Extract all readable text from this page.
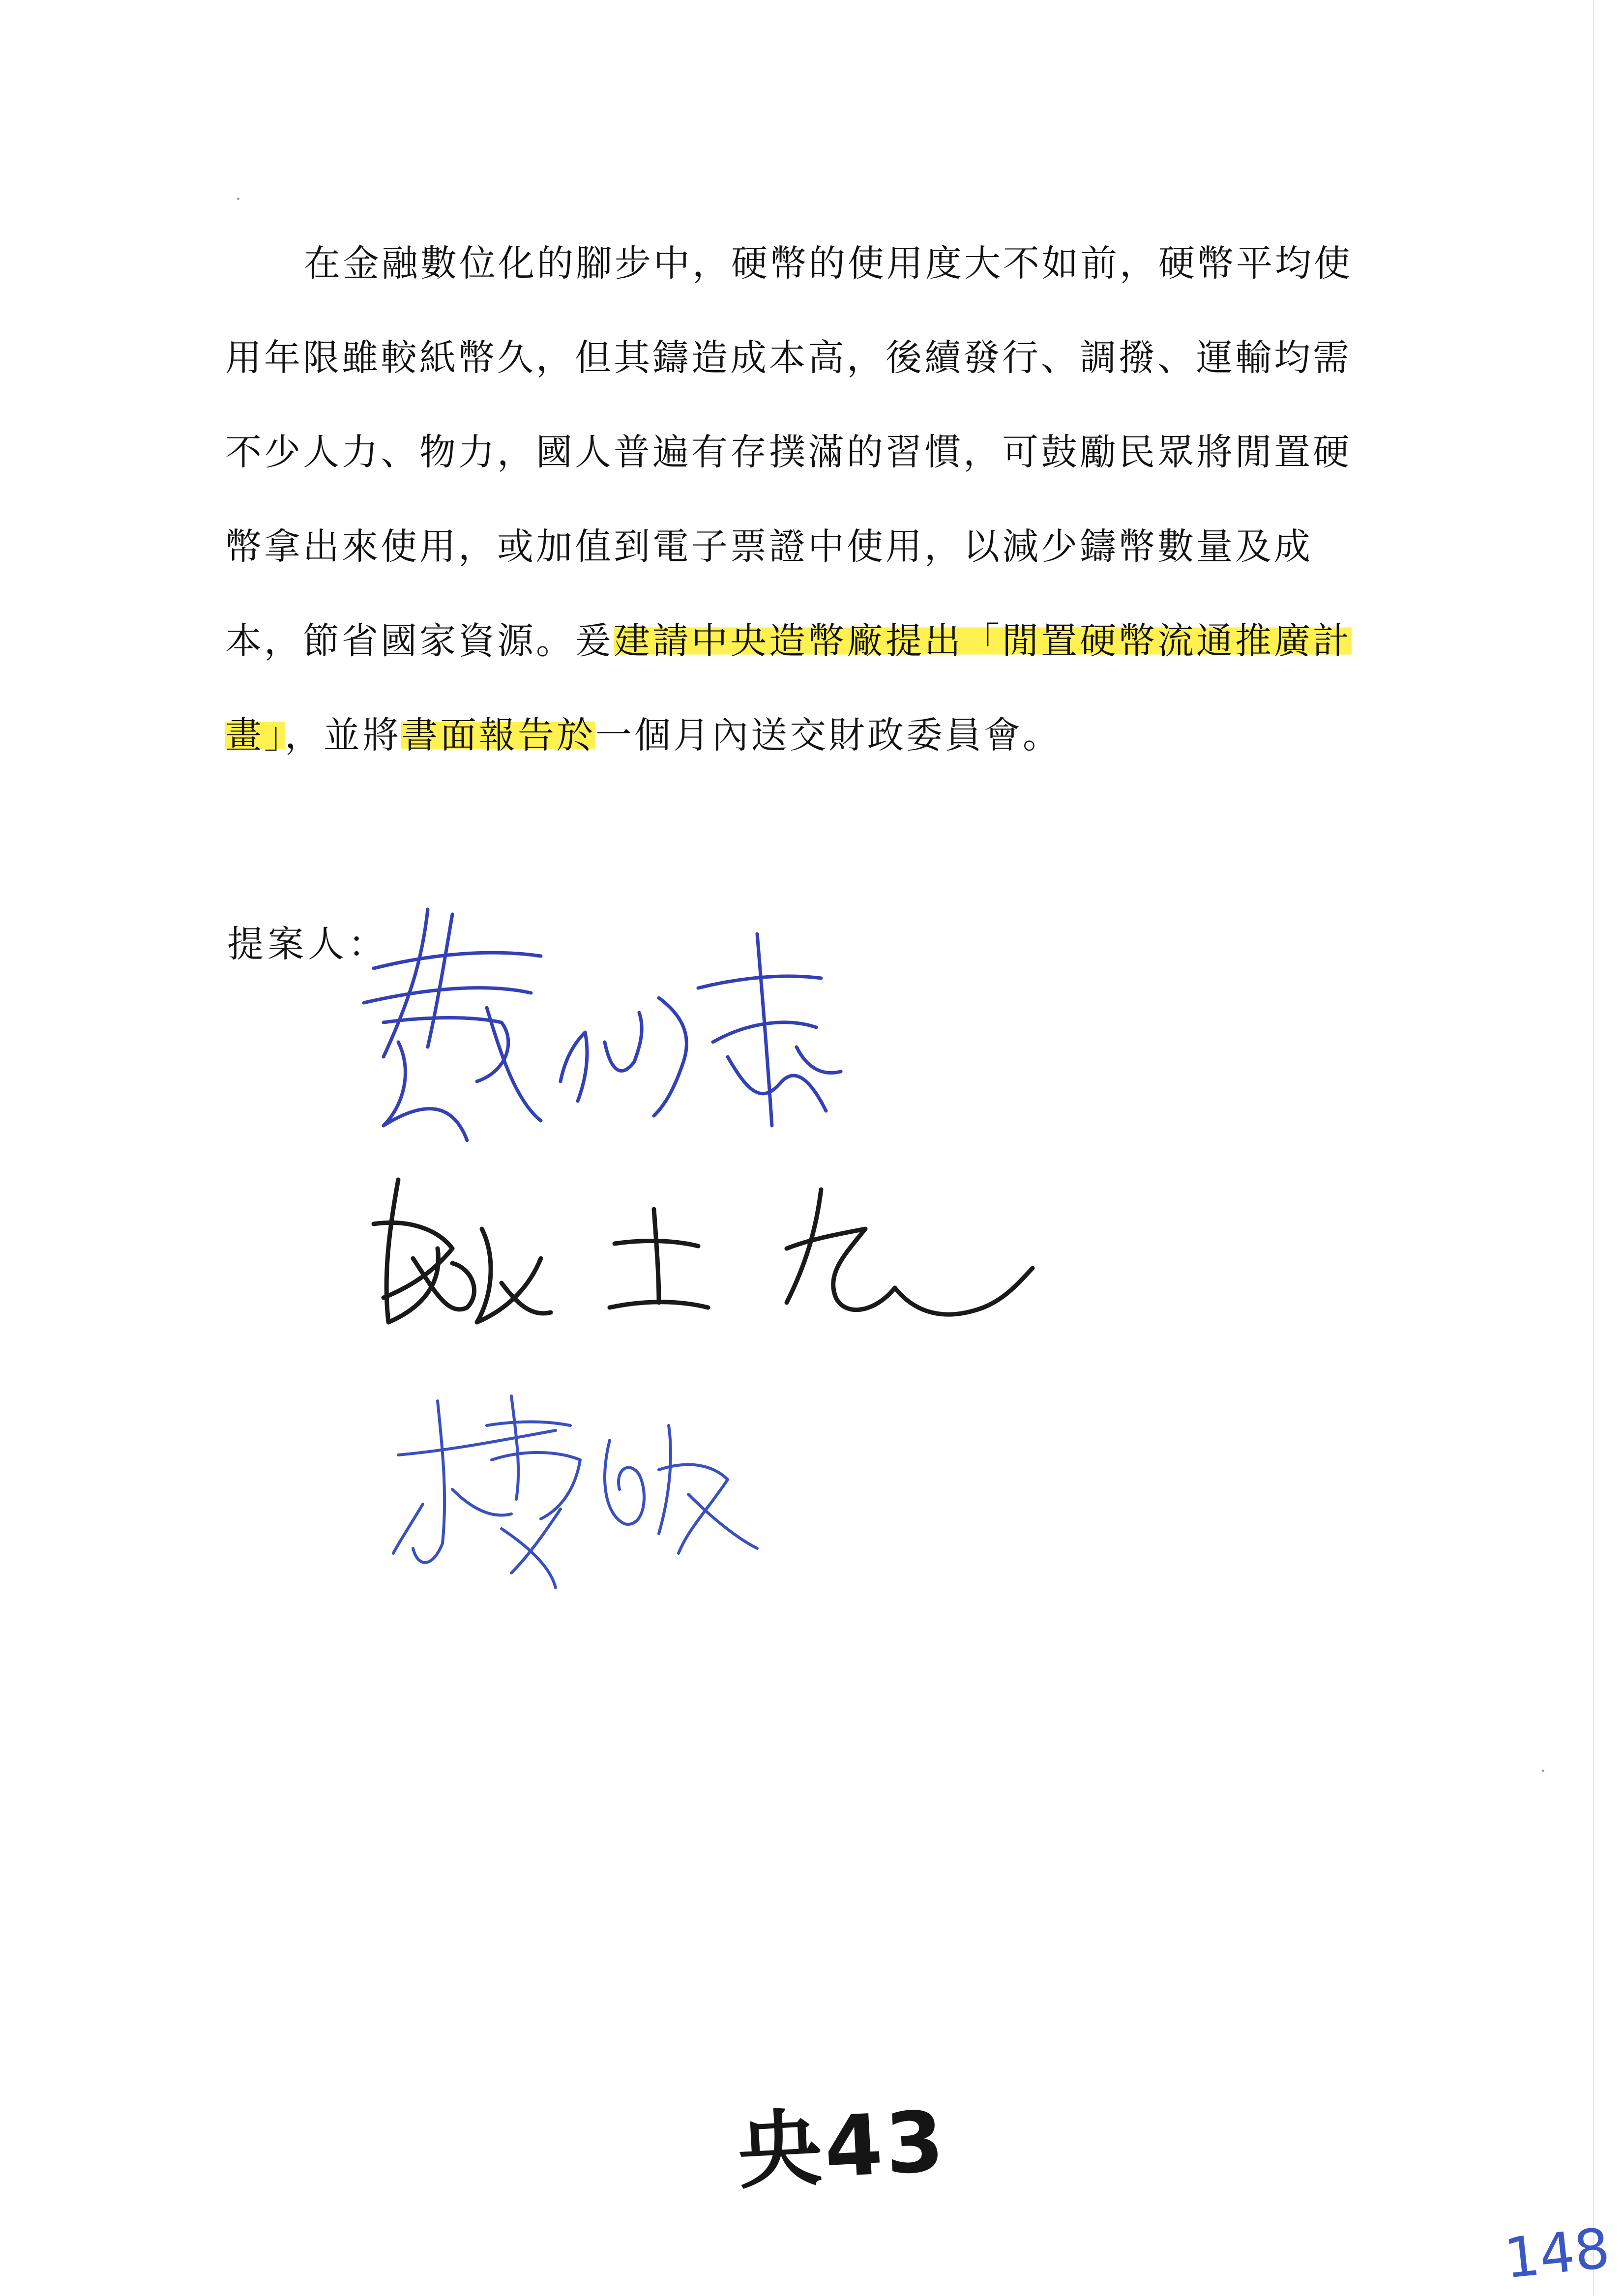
在金融數位化的腳步中，硬幣的使用度大不如前，硬幣平均使
用年限雖較紙幣久，但其鑄造成本高，後續發行、調撥、運輸均需
不少人力、物力，國人普遍有存撲滿的習慣，可鼓勵民眾將閒置硬
幣拿出來使用，或加值到電子票證中使用，以減少鑄幣數量及成
本，節省國家資源。爰建請中央造幣廠提出「閒置硬幣流通推廣計
畫」，並將書面報告於一個月內送交財政委員會。
提案人：
央43
148
